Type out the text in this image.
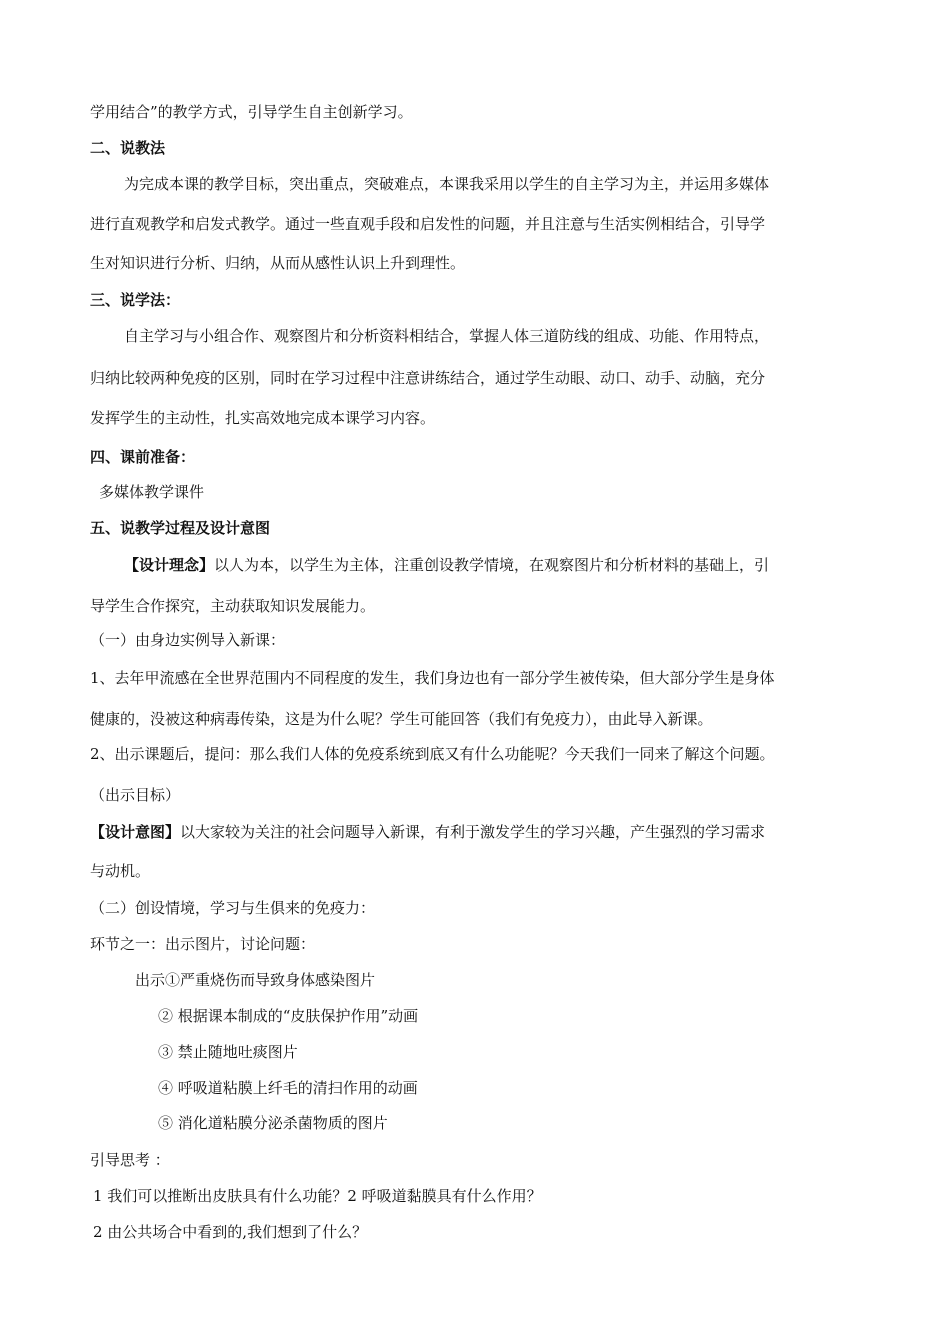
学用结合”的教学方式，引导学生自主创新学习。
二、说教法
为完成本课的教学目标，突出重点，突破难点，本课我采用以学生的自主学习为主，并运用多媒体
进行直观教学和启发式教学。通过一些直观手段和启发性的问题，并且注意与生活实例相结合，引导学
生对知识进行分析、归纳，从而从感性认识上升到理性。
三、说学法：
自主学习与小组合作、观察图片和分析资料相结合，掌握人体三道防线的组成、功能、作用特点，
归纳比较两种免疫的区别，同时在学习过程中注意讲练结合，通过学生动眼、动口、动手、动脑，充分
发挥学生的主动性，扎实高效地完成本课学习内容。
四、课前准备：
多媒体教学课件
五、说教学过程及设计意图
【设计理念】以人为本，以学生为主体，注重创设教学情境，在观察图片和分析材料的基础上，引
导学生合作探究，主动获取知识发展能力。
（一）由身边实例导入新课：
1、去年甲流感在全世界范围内不同程度的发生，我们身边也有一部分学生被传染，但大部分学生是身体
健康的，没被这种病毒传染，这是为什么呢？学生可能回答（我们有免疫力），由此导入新课。
2、出示课题后，提问：那么我们人体的免疫系统到底又有什么功能呢？今天我们一同来了解这个问题。
（出示目标）
【设计意图】以大家较为关注的社会问题导入新课，有利于激发学生的学习兴趣，产生强烈的学习需求
与动机。
（二）创设情境，学习与生俱来的免疫力：
环节之一：出示图片，讨论问题：
出示①严重烧伤而导致身体感染图片
② 根据课本制成的“皮肤保护作用”动画
③ 禁止随地吐痰图片
④ 呼吸道粘膜上纤毛的清扫作用的动画
⑤ 消化道粘膜分泌杀菌物质的图片
引导思考 ：
1 我们可以推断出皮肤具有什么功能？2 呼吸道黏膜具有什么作用？
2 由公共场合中看到的,我们想到了什么？
